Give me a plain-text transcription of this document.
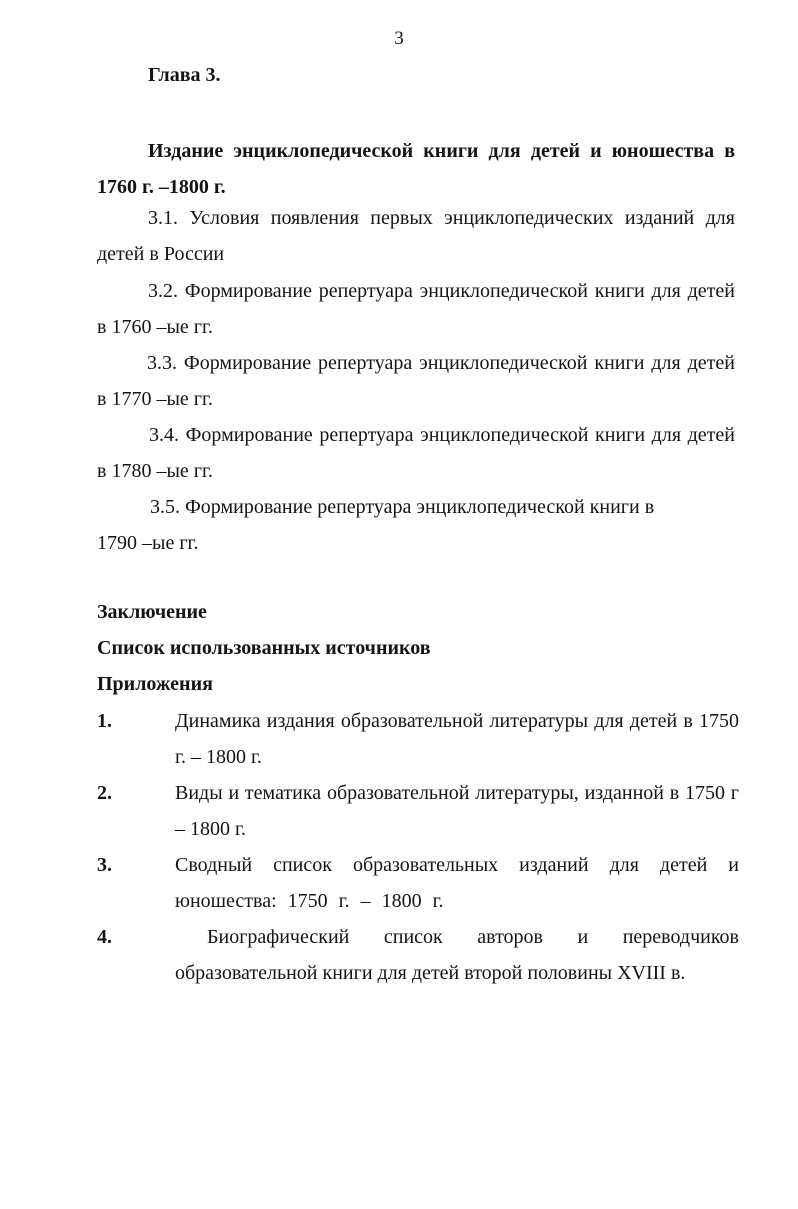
3
Глава 3.
Издание энциклопедической книги для детей и юношества в 1760 г. –1800 г.
3.1. Условия появления первых энциклопедических изданий для детей в России
3.2. Формирование репертуара энциклопедической книги для детей в 1760 –ые гг.
3.3. Формирование репертуара энциклопедической книги для детей в 1770 –ые гг.
3.4. Формирование репертуара энциклопедической книги для детей в 1780 –ые гг.
3.5. Формирование репертуара энциклопедической книги в 1790 –ые гг.
Заключение
Список использованных источников
Приложения
1.	Динамика издания образовательной литературы для детей в 1750 г. – 1800 г.
2.	Виды и тематика образовательной литературы, изданной в 1750 г – 1800 г.
3.	Сводный список образовательных изданий для детей и юношества: 1750 г. – 1800 г.
4.	Биографический список авторов и переводчиков образовательной книги для детей второй половины XVIII в.
